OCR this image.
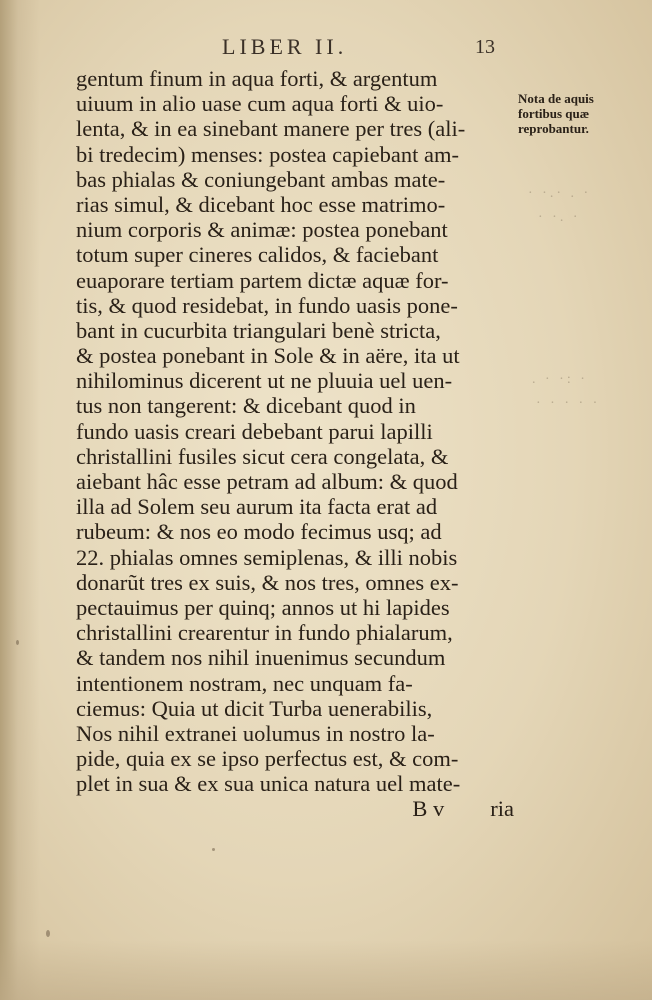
LIBER II.	13
gentum finum in aqua forti, & argentum
uiuum in alio uase cum aqua forti & uio-
lenta, & in ea sinebant manere per tres (ali-
bi tredecim) menses: postea capiebant am-
bas phialas & coniungebant ambas mate-
rias simul, & dicebant hoc esse matrimo-
nium corporis & animæ: postea ponebant
totum super cineres calidos, & faciebant
euaporare tertiam partem dictæ aquæ for-
tis, & quod residebat, in fundo uasis pone-
bant in cucurbita triangulari benè stricta,
& postea ponebant in Sole & in aëre, ita ut
nihilominus dicerent ut ne pluuia uel uen-
tus non tangerent: & dicebant quod in
fundo uasis creari debebant parui lapilli
christallini fusiles sicut cera congelata, &
aiebant hâc esse petram ad album: & quod
illa ad Solem seu aurum ita facta erat ad
rubeum: & nos eo modo fecimus usq; ad
22. phialas omnes semiplenas, & illi nobis
donarũt tres ex suis, & nos tres, omnes ex-
pectauimus per quinq; annos ut hi lapides
christallini crearentur in fundo phialarum,
& tandem nos nihil inuenimus secundum
intentionem nostram, nec unquam fa-
ciemus: Quia ut dicit Turba uenerabilis,
Nos nihil extranei uolumus in nostro la-
pide, quia ex se ipso perfectus est, & com-
plet in sua & ex sua unica natura uel mate-
B v ria
Nota de aquis
fortibus quæ
reprobantur.
· ·.· . ·
· ·. ·
. · ·: ·
· · · · ·
